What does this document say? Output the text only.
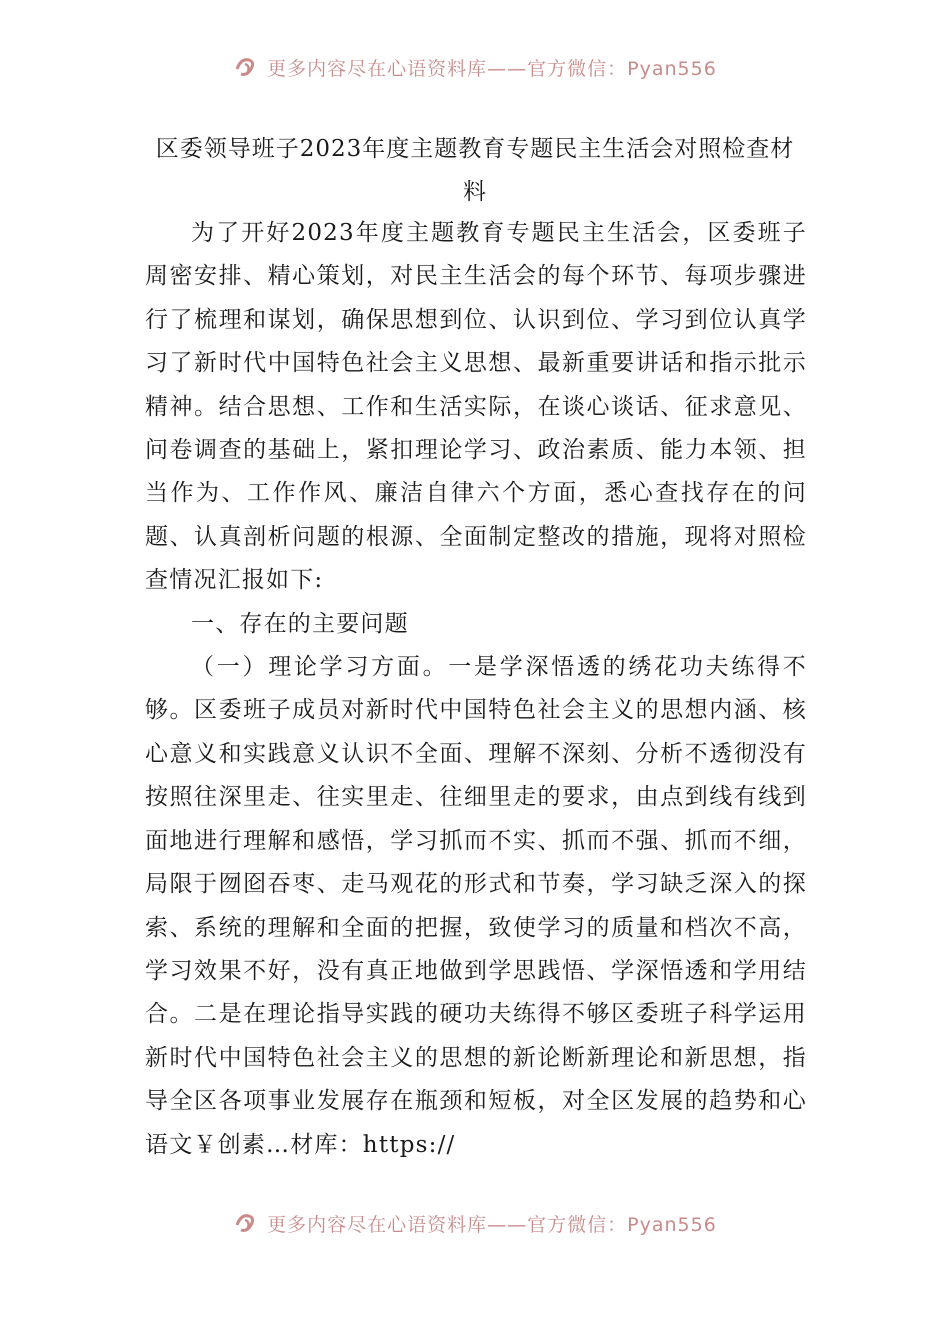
更多内容尽在心语资料库——官方微信：Pyan556
区委领导班子2023年度主题教育专题民主生活会对照检查材料

为了开好2023年度主题教育专题民主生活会，区委班子周密安排、精心策划，对民主生活会的每个环节、每项步骤进行了梳理和谋划，确保思想到位、认识到位、学习到位认真学习了新时代中国特色社会主义思想、最新重要讲话和指示批示精神。结合思想、工作和生活实际，在谈心谈话、征求意见、问卷调查的基础上，紧扣理论学习、政治素质、能力本领、担当作为、工作作风、廉洁自律六个方面，悉心查找存在的问题、认真剖析问题的根源、全面制定整改的措施，现将对照检查情况汇报如下:

一、存在的主要问题

（一）理论学习方面。一是学深悟透的绣花功夫练得不够。区委班子成员对新时代中国特色社会主义的思想内涵、核心意义和实践意义认识不全面、理解不深刻、分析不透彻没有按照往深里走、往实里走、往细里走的要求，由点到线有线到面地进行理解和感悟，学习抓而不实、抓而不强、抓而不细，局限于囫囵吞枣、走马观花的形式和节奏，学习缺乏深入的探索、系统的理解和全面的把握，致使学习的质量和档次不高，学习效果不好，没有真正地做到学思践悟、学深悟透和学用结合。二是在理论指导实践的硬功夫练得不够区委班子科学运用新时代中国特色社会主义的思想的新论断新理论和新思想，指导全区各项事业发展存在瓶颈和短板，对全区发展的趋势和心语文￥创素…材库：https://

更多内容尽在心语资料库——官方微信：Pyan556
